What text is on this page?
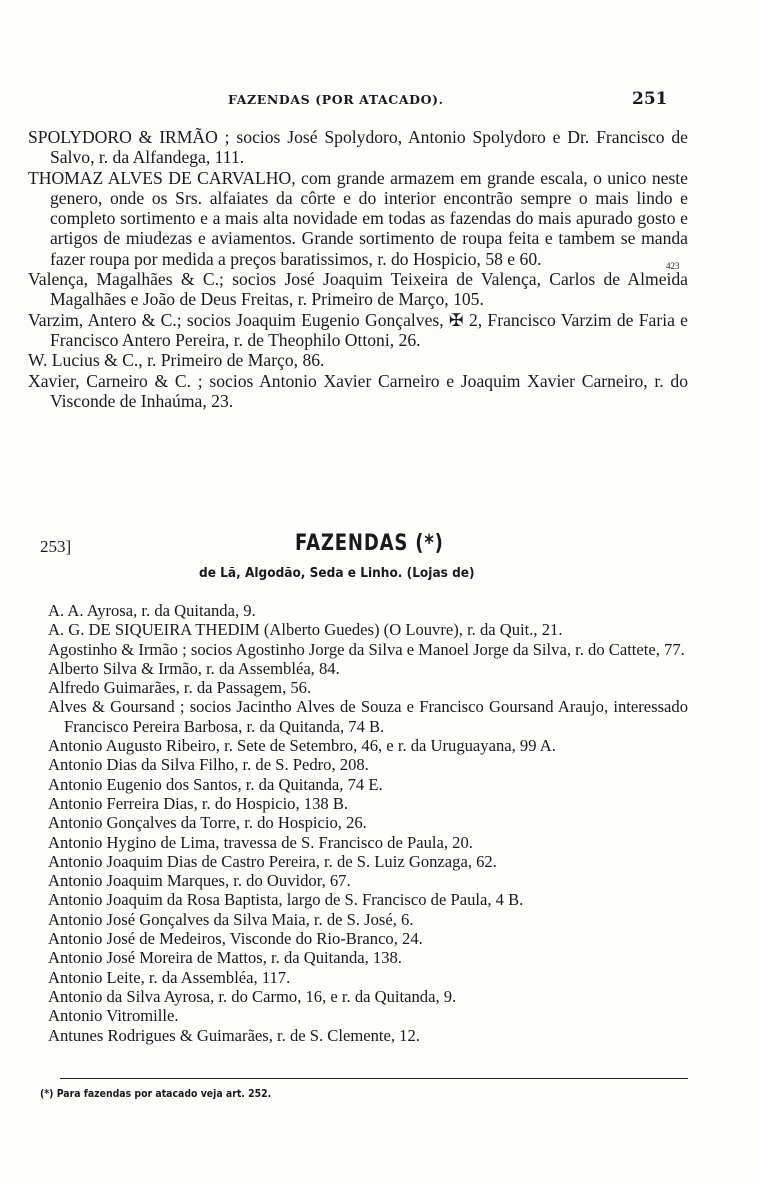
FAZENDAS (POR ATACADO).	251

SPOLYDORO & IRMÃO ; socios José Spolydoro, Antonio Spolydoro e Dr. Francisco de Salvo, r. da Alfandega, 111.

THOMAZ ALVES DE CARVALHO, com grande armazem em grande escala, o unico neste genero, onde os Srs. alfaiates da côrte e do interior encontrão sempre o mais lindo e completo sortimento e a mais alta novidade em todas as fazendas do mais apurado gosto e artigos de miudezas e aviamentos. Grande sortimento de roupa feita e tambem se manda fazer roupa por medida a preços baratissimos, r. do Hospicio, 58 e 60.	423

Valença, Magalhães & C.; socios José Joaquim Teixeira de Valença, Carlos de Almeida Magalhães e João de Deus Freitas, r. Primeiro de Março, 105.

Varzim, Antero & C.; socios Joaquim Eugenio Gonçalves, ✠ 2, Francisco Varzim de Faria e Francisco Antero Pereira, r. de Theophilo Ottoni, 26.

W. Lucius & C., r. Primeiro de Março, 86.

Xavier, Carneiro & C. ; socios Antonio Xavier Carneiro e Joaquim Xavier Carneiro, r. do Visconde de Inhaúma, 23.

253]	FAZENDAS (*)
de Lã, Algodão, Seda e Linho. (Lojas de)

A. A. Ayrosa, r. da Quitanda, 9.

A. G. DE SIQUEIRA THEDIM (Alberto Guedes) (O Louvre), r. da Quit., 21.

Agostinho & Irmão ; socios Agostinho Jorge da Silva e Manoel Jorge da Silva, r. do Cattete, 77.

Alberto Silva & Irmão, r. da Assembléa, 84.

Alfredo Guimarães, r. da Passagem, 56.

Alves & Goursand ; socios Jacintho Alves de Souza e Francisco Goursand Araujo, interessado Francisco Pereira Barbosa, r. da Quitanda, 74 B.

Antonio Augusto Ribeiro, r. Sete de Setembro, 46, e r. da Uruguayana, 99 A.

Antonio Dias da Silva Filho, r. de S. Pedro, 208.

Antonio Eugenio dos Santos, r. da Quitanda, 74 E.

Antonio Ferreira Dias, r. do Hospicio, 138 B.

Antonio Gonçalves da Torre, r. do Hospicio, 26.

Antonio Hygino de Lima, travessa de S. Francisco de Paula, 20.

Antonio Joaquim Dias de Castro Pereira, r. de S. Luiz Gonzaga, 62.

Antonio Joaquim Marques, r. do Ouvidor, 67.

Antonio Joaquim da Rosa Baptista, largo de S. Francisco de Paula, 4 B.

Antonio José Gonçalves da Silva Maia, r. de S. José, 6.

Antonio José de Medeiros, Visconde do Rio-Branco, 24.

Antonio José Moreira de Mattos, r. da Quitanda, 138.

Antonio Leite, r. da Assembléa, 117.

Antonio da Silva Ayrosa, r. do Carmo, 16, e r. da Quitanda, 9.

Antonio Vitromille.

Antunes Rodrigues & Guimarães, r. de S. Clemente, 12.

(*) Para fazendas por atacado veja art. 252.
